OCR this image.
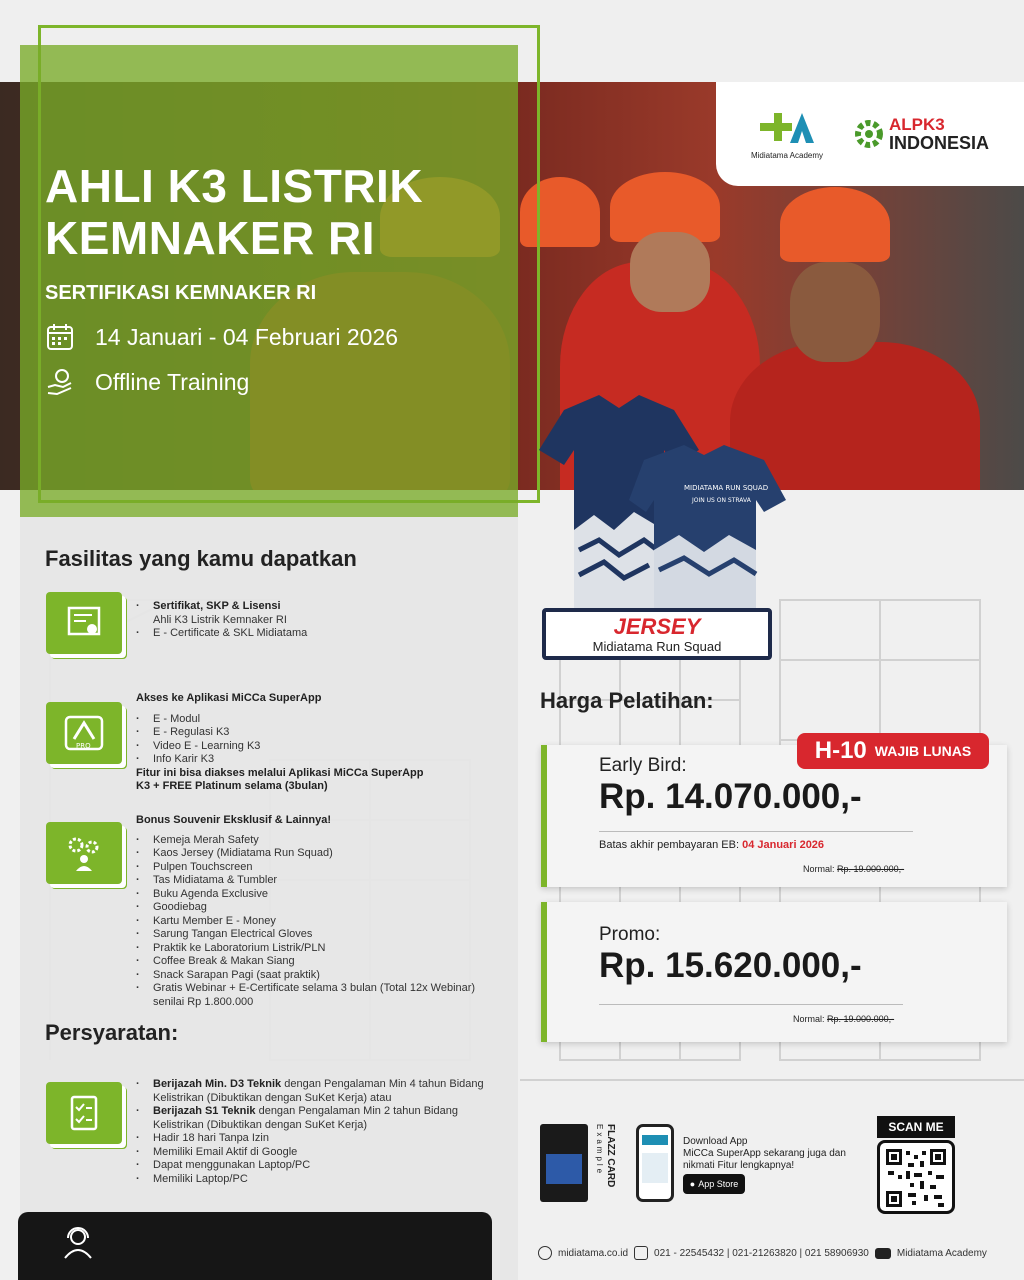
AHLI K3 LISTRIK
KEMNAKER RI
SERTIFIKASI KEMNAKER RI
14 Januari - 04 Februari 2026
Offline Training
Midiatama Academy
ALPK3
INDONESIA
Fasilitas yang kamu dapatkan
· Sertifikat, SKP & Lisensi
Ahli K3 Listrik Kemnaker RI
· E - Certificate & SKL Midiatama
PRO
Akses ke Aplikasi MiCCa SuperApp
· E - Modul
· E - Regulasi K3
· Video E - Learning K3
· Info Karir K3
Fitur ini bisa diakses melalui Aplikasi MiCCa SuperApp K3 + FREE Platinum selama (3bulan)
Bonus Souvenir Eksklusif & Lainnya!
· Kemeja Merah Safety
· Kaos Jersey (Midiatama Run Squad)
· Pulpen Touchscreen
· Tas Midiatama & Tumbler
· Buku Agenda Exclusive
· Goodiebag
· Kartu Member E - Money
· Sarung Tangan Electrical Gloves
· Praktik ke Laboratorium Listrik/PLN
· Coffee Break & Makan Siang
· Snack Sarapan Pagi (saat praktik)
· Gratis Webinar + E-Certificate selama 3 bulan (Total 12x Webinar) senilai Rp 1.800.000
Persyaratan:
· Berijazah Min. D3 Teknik dengan Pengalaman Min 4 tahun Bidang Kelistrikan (Dibuktikan dengan SuKet Kerja) atau
· Berijazah S1 Teknik dengan Pengalaman Min 2 tahun Bidang Kelistrikan (Dibuktikan dengan SuKet Kerja)
· Hadir 18 hari Tanpa Izin
· Memiliki Email Aktif di Google
· Dapat menggunakan Laptop/PC
· Memiliki Laptop/PC
MIDIATAMA RUN SQUAD
JOIN US ON STRAVA
JERSEY
Midiatama Run Squad
Harga Pelatihan:
Early Bird:
Rp. 14.070.000,-
Batas akhir pembayaran EB: 04 Januari 2026
Normal: Rp. 19.000.000,-
H-10 WAJIB LUNAS
Promo:
Rp. 15.620.000,-
Normal: Rp. 19.000.000,-
FLAZZ CARD Example	Download App
MiCCa SuperApp sekarang juga dan nikmati Fitur lengkapnya!
● App Store
SCAN ME
midiatama.co.id	021 - 22545432 | 021-21263820 | 021 58906930	Midiatama Academy
